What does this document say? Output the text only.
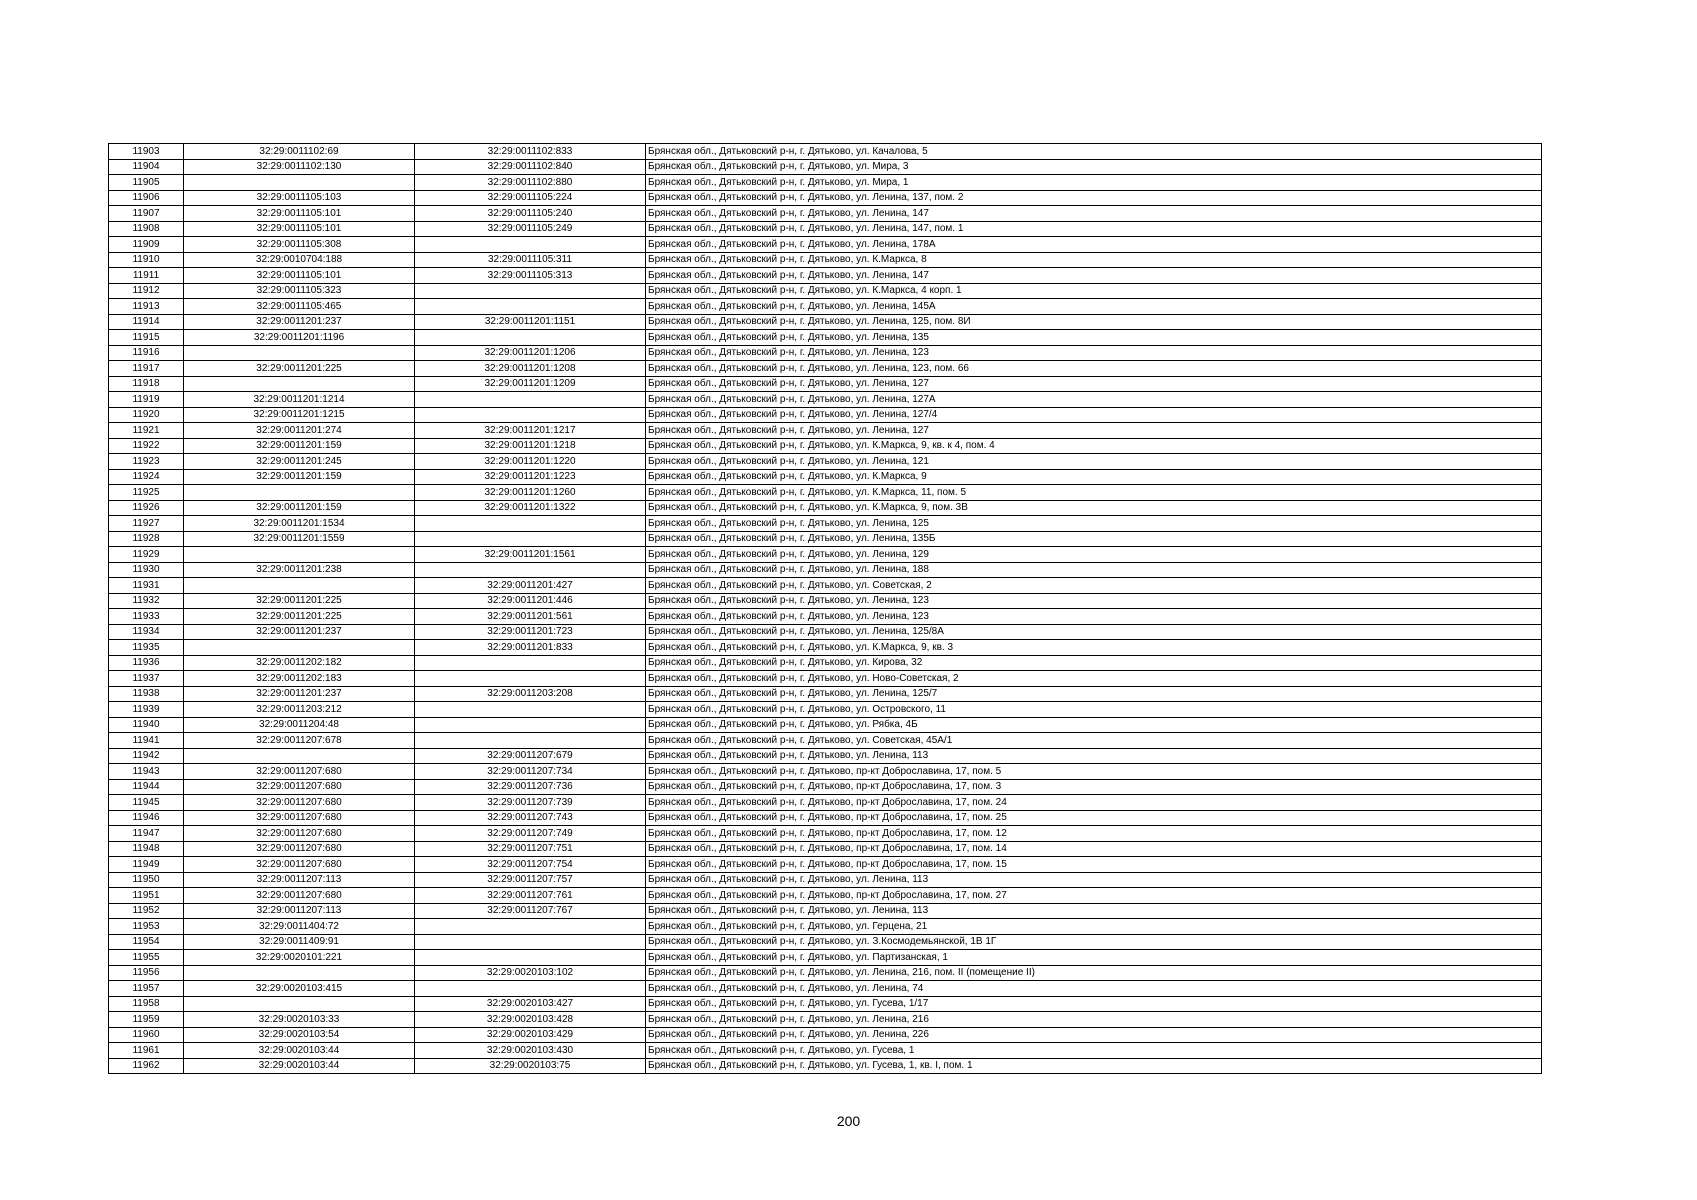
11903	32:29:0011102:69	32:29:0011102:833	Брянская обл., Дятьковский р-н, г. Дятьково, ул. Качалова, 5
11904	32:29:0011102:130	32:29:0011102:840	Брянская обл., Дятьковский р-н, г. Дятьково, ул. Мира, 3
11905		32:29:0011102:880	Брянская обл., Дятьковский р-н, г. Дятьково, ул. Мира, 1
11906	32:29:0011105:103	32:29:0011105:224	Брянская обл., Дятьковский р-н, г. Дятьково, ул. Ленина, 137, пом. 2
11907	32:29:0011105:101	32:29:0011105:240	Брянская обл., Дятьковский р-н, г. Дятьково, ул. Ленина, 147
11908	32:29:0011105:101	32:29:0011105:249	Брянская обл., Дятьковский р-н, г. Дятьково, ул. Ленина, 147, пом. 1
11909	32:29:0011105:308		Брянская обл., Дятьковский р-н, г. Дятьково, ул. Ленина, 178А
11910	32:29:0010704:188	32:29:0011105:311	Брянская обл., Дятьковский р-н, г. Дятьково, ул. К.Маркса, 8
11911	32:29:0011105:101	32:29:0011105:313	Брянская обл., Дятьковский р-н, г. Дятьково, ул. Ленина, 147
11912	32:29:0011105:323		Брянская обл., Дятьковский р-н, г. Дятьково, ул. К.Маркса, 4 корп. 1
11913	32:29:0011105:465		Брянская обл., Дятьковский р-н, г. Дятьково, ул. Ленина, 145А
11914	32:29:0011201:237	32:29:0011201:1151	Брянская обл., Дятьковский р-н, г. Дятьково, ул. Ленина, 125, пом. 8И
11915	32:29:0011201:1196		Брянская обл., Дятьковский р-н, г. Дятьково, ул. Ленина, 135
11916		32:29:0011201:1206	Брянская обл., Дятьковский р-н, г. Дятьково, ул. Ленина, 123
11917	32:29:0011201:225	32:29:0011201:1208	Брянская обл., Дятьковский р-н, г. Дятьково, ул. Ленина, 123, пом. 66
11918		32:29:0011201:1209	Брянская обл., Дятьковский р-н, г. Дятьково, ул. Ленина, 127
11919	32:29:0011201:1214		Брянская обл., Дятьковский р-н, г. Дятьково, ул. Ленина, 127А
11920	32:29:0011201:1215		Брянская обл., Дятьковский р-н, г. Дятьково, ул. Ленина, 127/4
11921	32:29:0011201:274	32:29:0011201:1217	Брянская обл., Дятьковский р-н, г. Дятьково, ул. Ленина, 127
11922	32:29:0011201:159	32:29:0011201:1218	Брянская обл., Дятьковский р-н, г. Дятьково, ул. К.Маркса, 9, кв. к 4, пом. 4
11923	32:29:0011201:245	32:29:0011201:1220	Брянская обл., Дятьковский р-н, г. Дятьково, ул. Ленина, 121
11924	32:29:0011201:159	32:29:0011201:1223	Брянская обл., Дятьковский р-н, г. Дятьково, ул. К.Маркса, 9
11925		32:29:0011201:1260	Брянская обл., Дятьковский р-н, г. Дятьково, ул. К.Маркса, 11, пом. 5
11926	32:29:0011201:159	32:29:0011201:1322	Брянская обл., Дятьковский р-н, г. Дятьково, ул. К.Маркса, 9, пом. 3В
11927	32:29:0011201:1534		Брянская обл., Дятьковский р-н, г. Дятьково, ул. Ленина, 125
11928	32:29:0011201:1559		Брянская обл., Дятьковский р-н, г. Дятьково, ул. Ленина, 135Б
11929		32:29:0011201:1561	Брянская обл., Дятьковский р-н, г. Дятьково, ул. Ленина, 129
11930	32:29:0011201:238		Брянская обл., Дятьковский р-н, г. Дятьково, ул. Ленина, 188
11931		32:29:0011201:427	Брянская обл., Дятьковский р-н, г. Дятьково, ул. Советская, 2
11932	32:29:0011201:225	32:29:0011201:446	Брянская обл., Дятьковский р-н, г. Дятьково, ул. Ленина, 123
11933	32:29:0011201:225	32:29:0011201:561	Брянская обл., Дятьковский р-н, г. Дятьково, ул. Ленина, 123
11934	32:29:0011201:237	32:29:0011201:723	Брянская обл., Дятьковский р-н, г. Дятьково, ул. Ленина, 125/8А
11935		32:29:0011201:833	Брянская обл., Дятьковский р-н, г. Дятьково, ул. К.Маркса, 9, кв. 3
11936	32:29:0011202:182		Брянская обл., Дятьковский р-н, г. Дятьково, ул. Кирова, 32
11937	32:29:0011202:183		Брянская обл., Дятьковский р-н, г. Дятьково, ул. Ново-Советская, 2
11938	32:29:0011201:237	32:29:0011203:208	Брянская обл., Дятьковский р-н, г. Дятьково, ул. Ленина, 125/7
11939	32:29:0011203:212		Брянская обл., Дятьковский р-н, г. Дятьково, ул. Островского, 11
11940	32:29:0011204:48		Брянская обл., Дятьковский р-н, г. Дятьково, ул. Рябка, 4Б
11941	32:29:0011207:678		Брянская обл., Дятьковский р-н, г. Дятьково, ул. Советская, 45А/1
11942		32:29:0011207:679	Брянская обл., Дятьковский р-н, г. Дятьково, ул. Ленина, 113
11943	32:29:0011207:680	32:29:0011207:734	Брянская обл., Дятьковский р-н, г. Дятьково, пр-кт Доброславина, 17, пом. 5
11944	32:29:0011207:680	32:29:0011207:736	Брянская обл., Дятьковский р-н, г. Дятьково, пр-кт Доброславина, 17, пом. 3
11945	32:29:0011207:680	32:29:0011207:739	Брянская обл., Дятьковский р-н, г. Дятьково, пр-кт Доброславина, 17, пом. 24
11946	32:29:0011207:680	32:29:0011207:743	Брянская обл., Дятьковский р-н, г. Дятьково, пр-кт Доброславина, 17, пом. 25
11947	32:29:0011207:680	32:29:0011207:749	Брянская обл., Дятьковский р-н, г. Дятьково, пр-кт Доброславина, 17, пом. 12
11948	32:29:0011207:680	32:29:0011207:751	Брянская обл., Дятьковский р-н, г. Дятьково, пр-кт Доброславина, 17, пом. 14
11949	32:29:0011207:680	32:29:0011207:754	Брянская обл., Дятьковский р-н, г. Дятьково, пр-кт Доброславина, 17, пом. 15
11950	32:29:0011207:113	32:29:0011207:757	Брянская обл., Дятьковский р-н, г. Дятьково, ул. Ленина, 113
11951	32:29:0011207:680	32:29:0011207:761	Брянская обл., Дятьковский р-н, г. Дятьково, пр-кт Доброславина, 17, пом. 27
11952	32:29:0011207:113	32:29:0011207:767	Брянская обл., Дятьковский р-н, г. Дятьково, ул. Ленина, 113
11953	32:29:0011404:72		Брянская обл., Дятьковский р-н, г. Дятьково, ул. Герцена, 21
11954	32:29:0011409:91		Брянская обл., Дятьковский р-н, г. Дятьково, ул. З.Космодемьянской, 1В 1Г
11955	32:29:0020101:221		Брянская обл., Дятьковский р-н, г. Дятьково, ул. Партизанская, 1
11956		32:29:0020103:102	Брянская обл., Дятьковский р-н, г. Дятьково, ул. Ленина, 216, пом. II (помещение II)
11957	32:29:0020103:415		Брянская обл., Дятьковский р-н, г. Дятьково, ул. Ленина, 74
11958		32:29:0020103:427	Брянская обл., Дятьковский р-н, г. Дятьково, ул. Гусева, 1/17
11959	32:29:0020103:33	32:29:0020103:428	Брянская обл., Дятьковский р-н, г. Дятьково, ул. Ленина, 216
11960	32:29:0020103:54	32:29:0020103:429	Брянская обл., Дятьковский р-н, г. Дятьково, ул. Ленина, 226
11961	32:29:0020103:44	32:29:0020103:430	Брянская обл., Дятьковский р-н, г. Дятьково, ул. Гусева, 1
11962	32:29:0020103:44	32:29:0020103:75	Брянская обл., Дятьковский р-н, г. Дятьково, ул. Гусева, 1, кв. I, пом. 1
200
